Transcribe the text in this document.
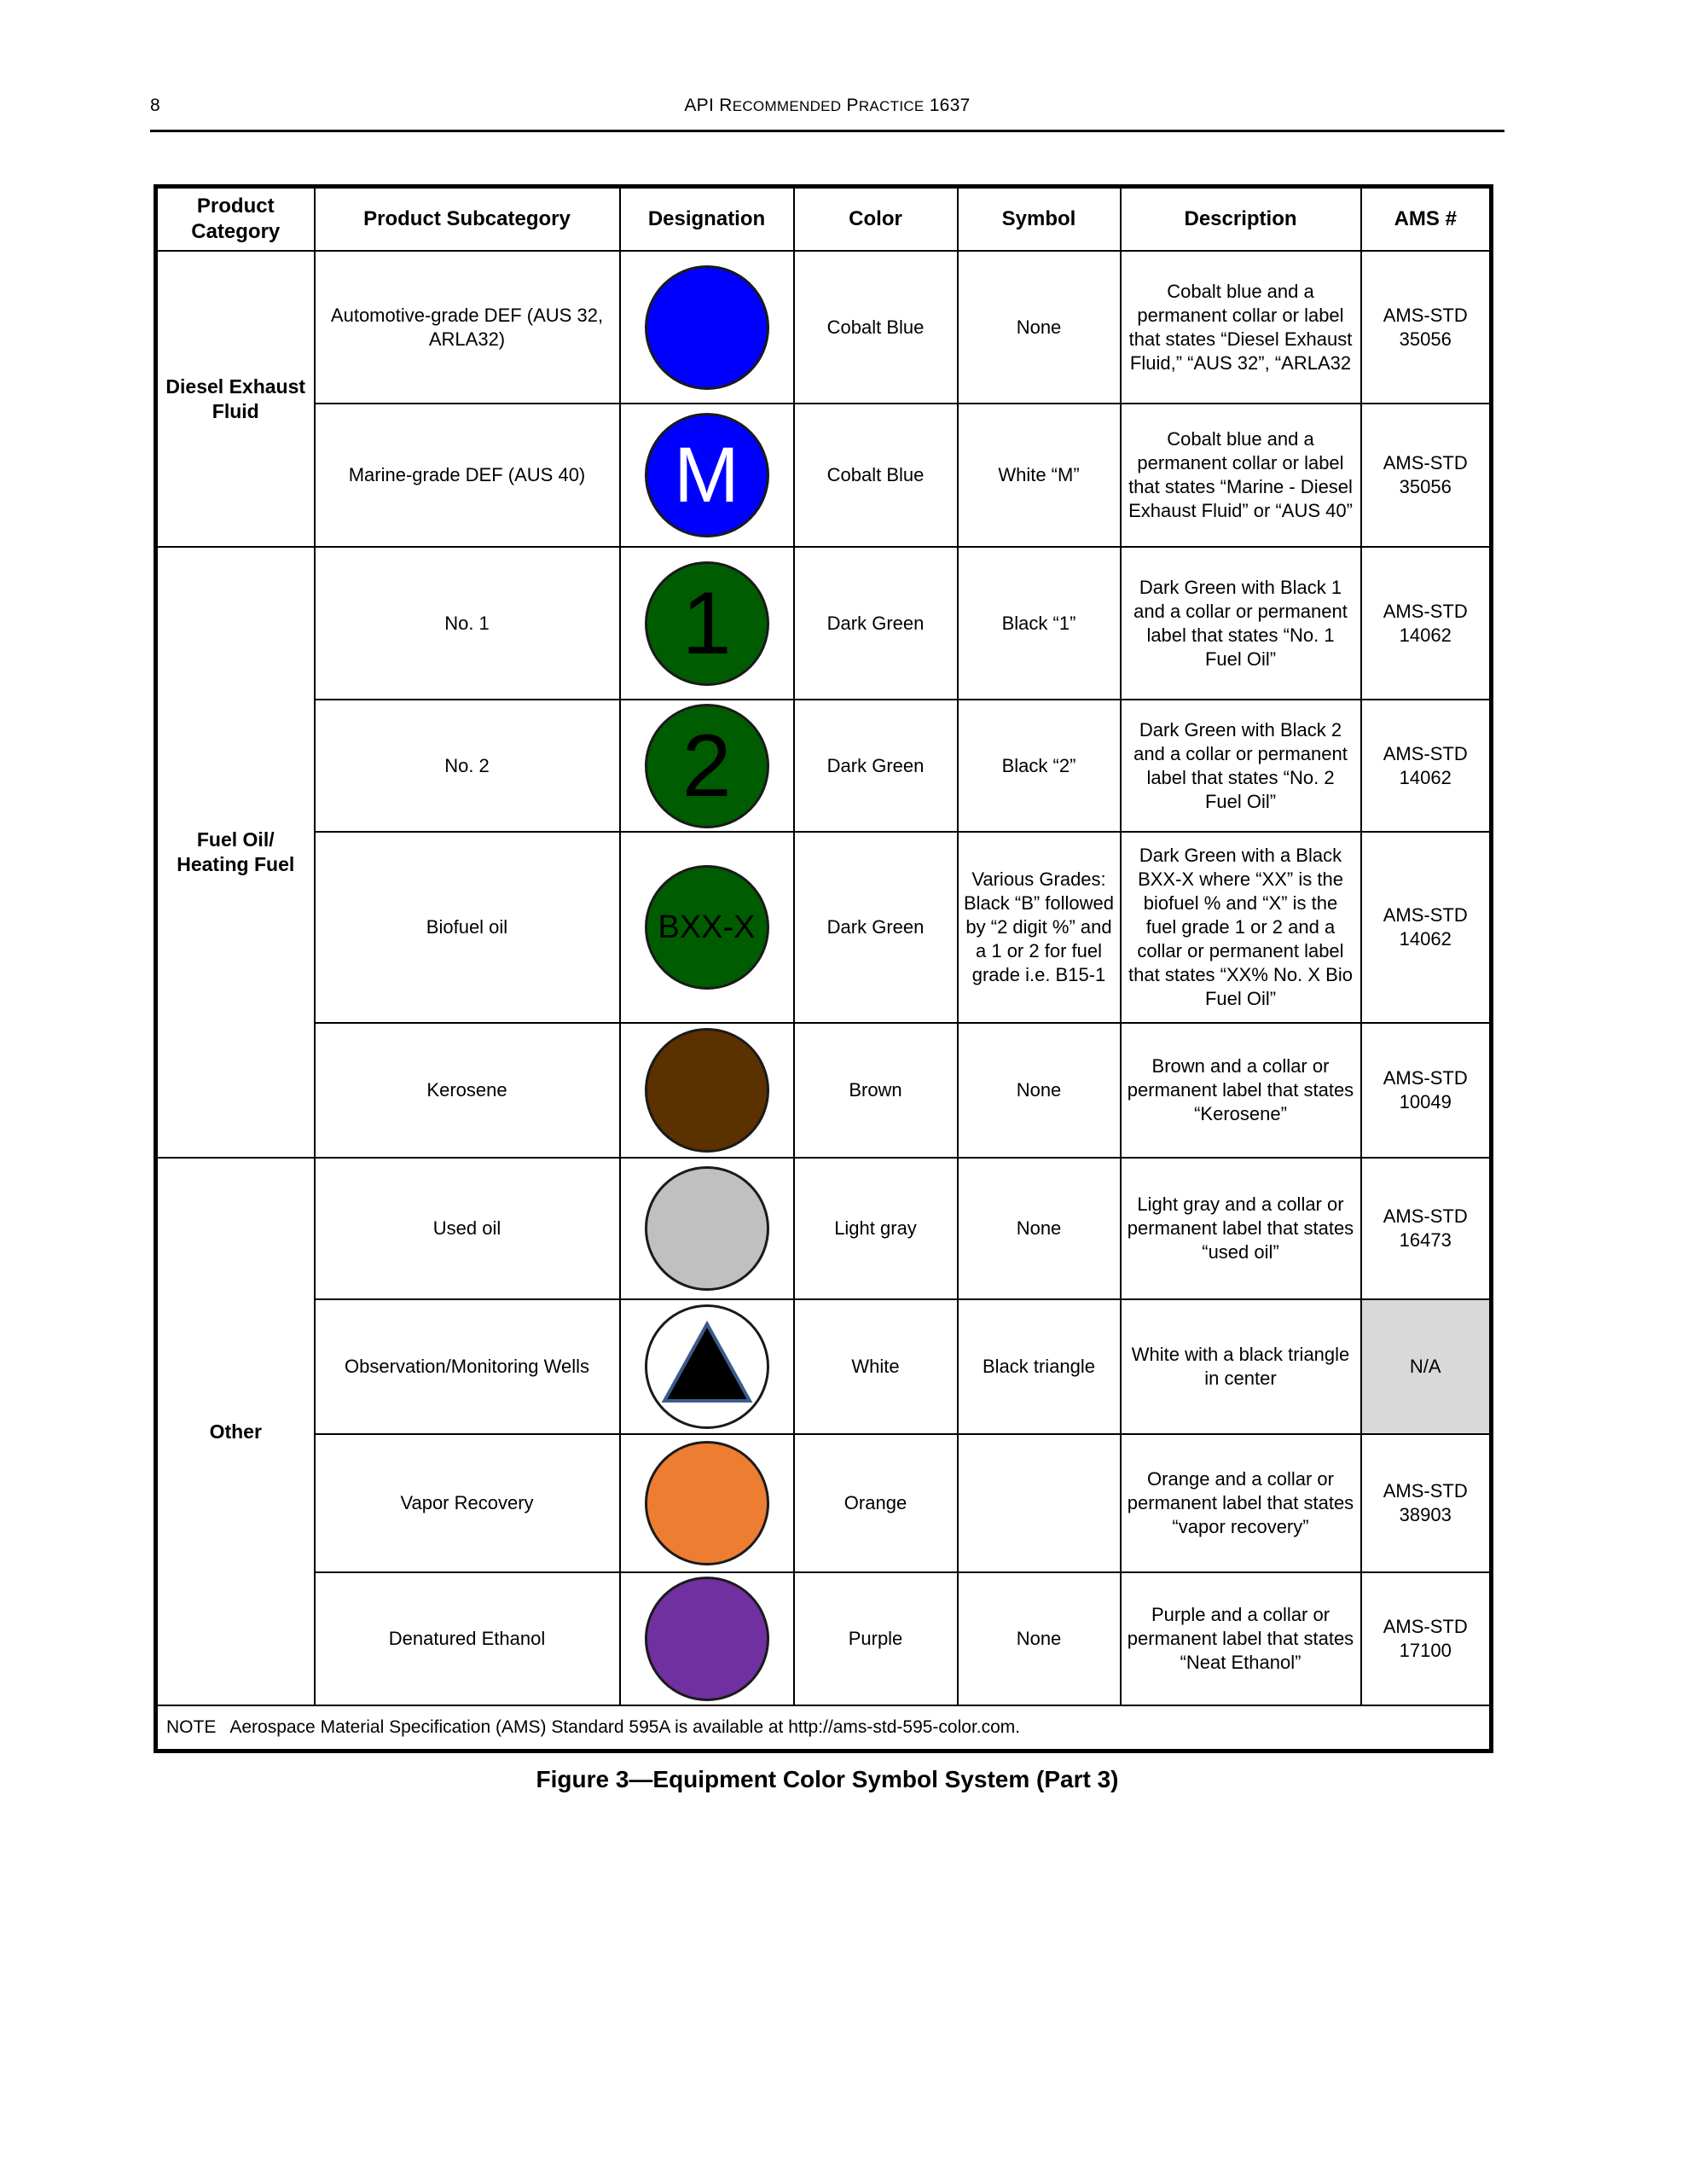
8	API RECOMMENDED PRACTICE 1637
Product Category	Product Subcategory	Designation	Color	Symbol	Description	AMS #
Diesel Exhaust Fluid	Automotive-grade DEF (AUS 32, ARLA32)		Cobalt Blue	None	Cobalt blue and a permanent collar or label that states “Diesel Exhaust Fluid,” “AUS 32”, “ARLA32	AMS-STD 35056
	Marine-grade DEF (AUS 40)	M	Cobalt Blue	White “M”	Cobalt blue and a permanent collar or label that states “Marine - Diesel Exhaust Fluid” or “AUS 40”	AMS-STD 35056
Fuel Oil/ Heating Fuel	No. 1	1	Dark Green	Black “1”	Dark Green with Black 1 and a collar or permanent label that states “No. 1 Fuel Oil”	AMS-STD 14062
	No. 2	2	Dark Green	Black “2”	Dark Green with Black 2 and a collar or permanent label that states “No. 2 Fuel Oil”	AMS-STD 14062
	Biofuel oil	BXX-X	Dark Green	Various Grades: Black “B” followed by “2 digit %” and a 1 or 2 for fuel grade i.e. B15-1	Dark Green with a Black BXX-X where “XX” is the biofuel % and “X” is the fuel grade 1 or 2 and a collar or permanent label that states “XX% No. X Bio Fuel Oil”	AMS-STD 14062
	Kerosene		Brown	None	Brown and a collar or permanent label that states “Kerosene”	AMS-STD 10049
Other	Used oil		Light gray	None	Light gray and a collar or permanent label that states “used oil”	AMS-STD 16473
	Observation/Monitoring Wells		White	Black triangle	White with a black triangle in center	N/A
	Vapor Recovery		Orange		Orange and a collar or permanent label that states “vapor recovery”	AMS-STD 38903
	Denatured Ethanol		Purple	None	Purple and a collar or permanent label that states “Neat Ethanol”	AMS-STD 17100
NOTE Aerospace Material Specification (AMS) Standard 595A is available at http://ams-std-595-color.com.						
Figure 3—Equipment Color Symbol System (Part 3)
